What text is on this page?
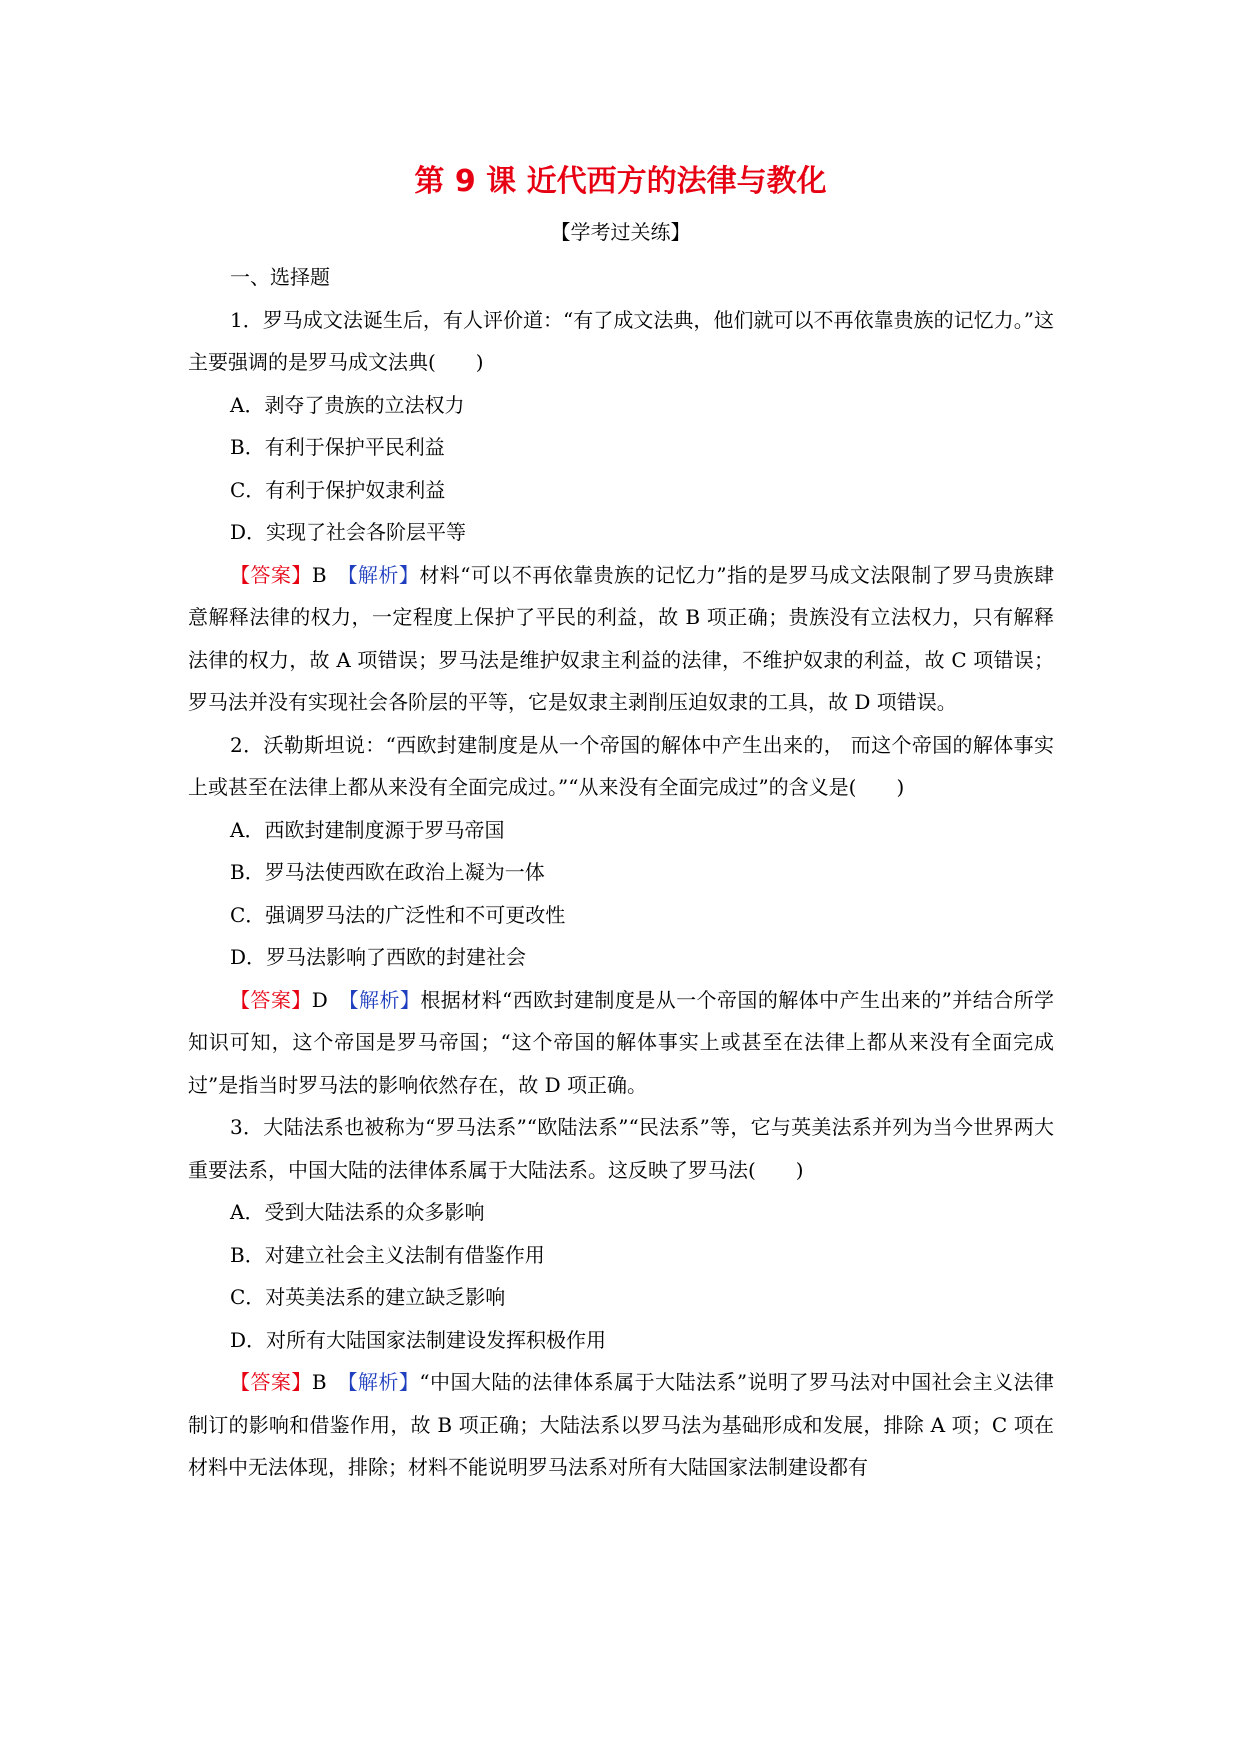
第 9 课 近代西方的法律与教化
【学考过关练】

一、选择题

1．罗马成文法诞生后，有人评价道：“有了成文法典，他们就可以不再依靠贵族的记忆力。”这主要强调的是罗马成文法典(　　)

A．剥夺了贵族的立法权力

B．有利于保护平民利益

C．有利于保护奴隶利益

D．实现了社会各阶层平等

【答案】B　 【解析】材料“可以不再依靠贵族的记忆力”指的是罗马成文法限制了罗马贵族肆意解释法律的权力，一定程度上保护了平民的利益，故 B 项正确；贵族没有立法权力，只有解释法律的权力，故 A 项错误；罗马法是维护奴隶主利益的法律，不维护奴隶的利益，故 C 项错误；罗马法并没有实现社会各阶层的平等，它是奴隶主剥削压迫奴隶的工具，故 D 项错误。

2．沃勒斯坦说：“西欧封建制度是从一个帝国的解体中产生出来的， 而这个帝国的解体事实上或甚至在法律上都从来没有全面完成过。”“从来没有全面完成过”的含义是(　　)

A．西欧封建制度源于罗马帝国

B．罗马法使西欧在政治上凝为一体

C．强调罗马法的广泛性和不可更改性

D．罗马法影响了西欧的封建社会

【答案】D　 【解析】根据材料“西欧封建制度是从一个帝国的解体中产生出来的”并结合所学知识可知，这个帝国是罗马帝国；“这个帝国的解体事实上或甚至在法律上都从来没有全面完成过”是指当时罗马法的影响依然存在，故 D 项正确。

3．大陆法系也被称为“罗马法系”“欧陆法系”“民法系”等，它与英美法系并列为当今世界两大重要法系，中国大陆的法律体系属于大陆法系。这反映了罗马法(　　)

A．受到大陆法系的众多影响

B．对建立社会主义法制有借鉴作用

C．对英美法系的建立缺乏影响

D．对所有大陆国家法制建设发挥积极作用

【答案】B　 【解析】“中国大陆的法律体系属于大陆法系”说明了罗马法对中国社会主义法律制订的影响和借鉴作用，故 B 项正确；大陆法系以罗马法为基础形成和发展，排除 A 项；C 项在材料中无法体现，排除；材料不能说明罗马法系对所有大陆国家法制建设都有
